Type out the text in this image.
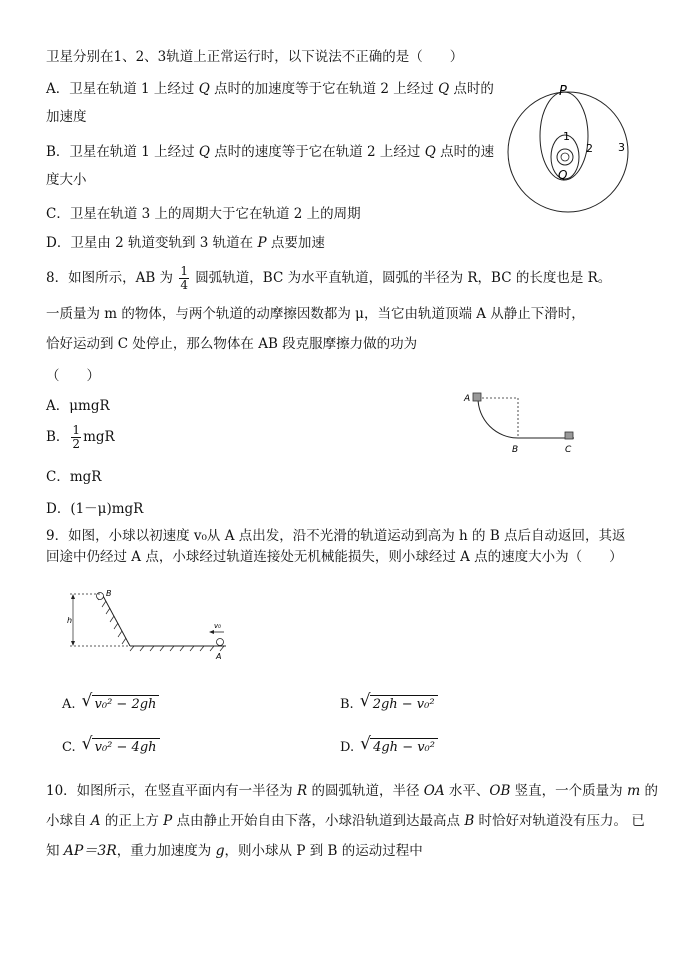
卫星分别在1、2、3轨道上正常运行时，以下说法不正确的是（　　）
A．卫星在轨道 1 上经过 Q 点时的加速度等于它在轨道 2 上经过 Q 点时的
加速度
B．卫星在轨道 1 上经过 Q 点时的速度等于它在轨道 2 上经过 Q 点时的速
度大小
C．卫星在轨道 3 上的周期大于它在轨道 2 上的周期
D．卫星由 2 轨道变轨到 3 轨道在 P 点要加速
P
Q
1
2 3
8．如图所示，AB 为 $\frac{1}{4}$ 圆弧轨道，BC 为水平直轨道，圆弧的半径为 R，BC 的长度也是 R。
一质量为 m 的物体，与两个轨道的动摩擦因数都为 μ，当它由轨道顶端 A 从静止下滑时，
恰好运动到 C 处停止，那么物体在 AB 段克服摩擦力做的功为
（　　）
A．μmgR
B． $\frac{1}{2}$ mgR
C．mgR
D．(1－μ)mgR
A
B	C
9．如图，小球以初速度 v₀从 A 点出发，沿不光滑的轨道运动到高为 h 的 B 点后自动返回，其返
回途中仍经过 A 点，小球经过轨道连接处无机械能损失，则小球经过 A 点的速度大小为（　　）
B
h
A
v₀
A. √ v₀² − 2gh	B. √ 2gh − v₀²
C. √ v₀² − 4gh	D. √ 4gh − v₀²
10．如图所示，在竖直平面内有一半径为 R 的圆弧轨道，半径 OA 水平、OB 竖直，一个质量为 m 的
小球自 A 的正上方 P 点由静止开始自由下落，小球沿轨道到达最高点 B 时恰好对轨道没有压力。 已
知 AP＝3R，重力加速度为 g，则小球从 P 到 B 的运动过程中
